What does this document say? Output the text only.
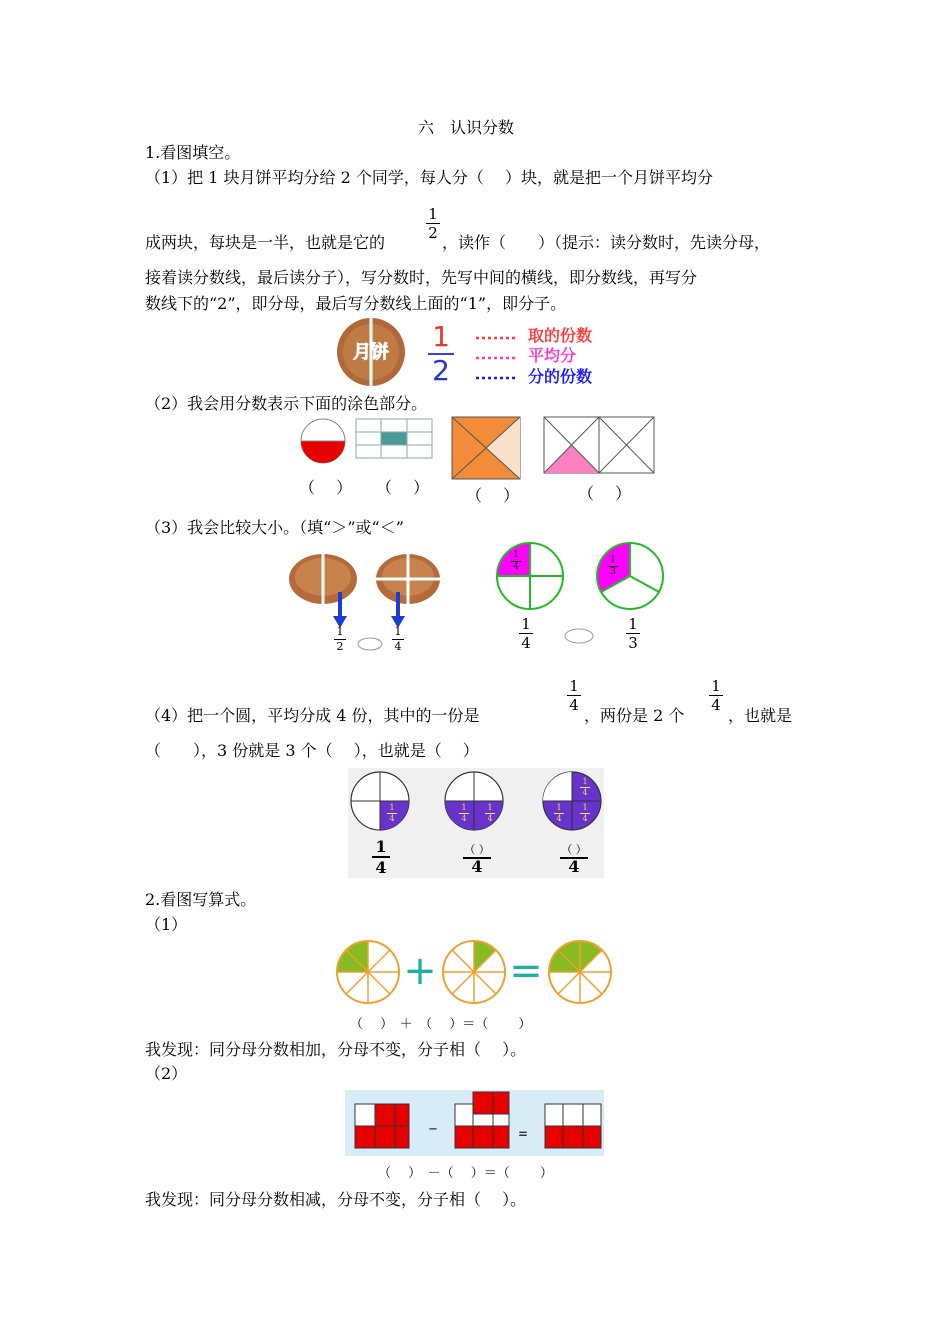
六　认识分数
1.看图填空。
（1）把 1 块月饼平均分给 2 个同学，每人分（　 ）块，就是把一个月饼平均分
成两块，每块是一半，也就是它的
1
2 ，读作（　　）（提示：读分数时，先读分母，
接着读分数线，最后读分子），写分数时，先写中间的横线，即分数线，再写分
数线下的“2”，即分母，最后写分数线上面的“1”，即分子。
月饼 1
2
取的份数
平均分
分的份数
（2）我会用分数表示下面的涂色部分。
（　 ） （　 ） （　 ）	（　 ）
（3）我会比较大小。（填“＞”或“＜”
1
2
1
4
1
4
1
3
1
4
1
3
（4）把一个圆，平均分成 4 份，其中的一份是
1
4
，两份是 2 个
1
4
，也就是
（　　），3 份就是 3 个（　 ），也就是（　 ）
1
4
1
4
1
4
1
4
1
4
1
4
1
4
（ ）
4
（ ）
4
2.看图写算式。
（1）
+ =
（　 ）　＋　（　 ）＝（　　 ）
我发现：同分母分数相加，分母不变，分子相（　 ）。
（2）
–	=
（　 ）　－（　 ）＝（　　 ）
我发现：同分母分数相减，分母不变，分子相（　 ）。
